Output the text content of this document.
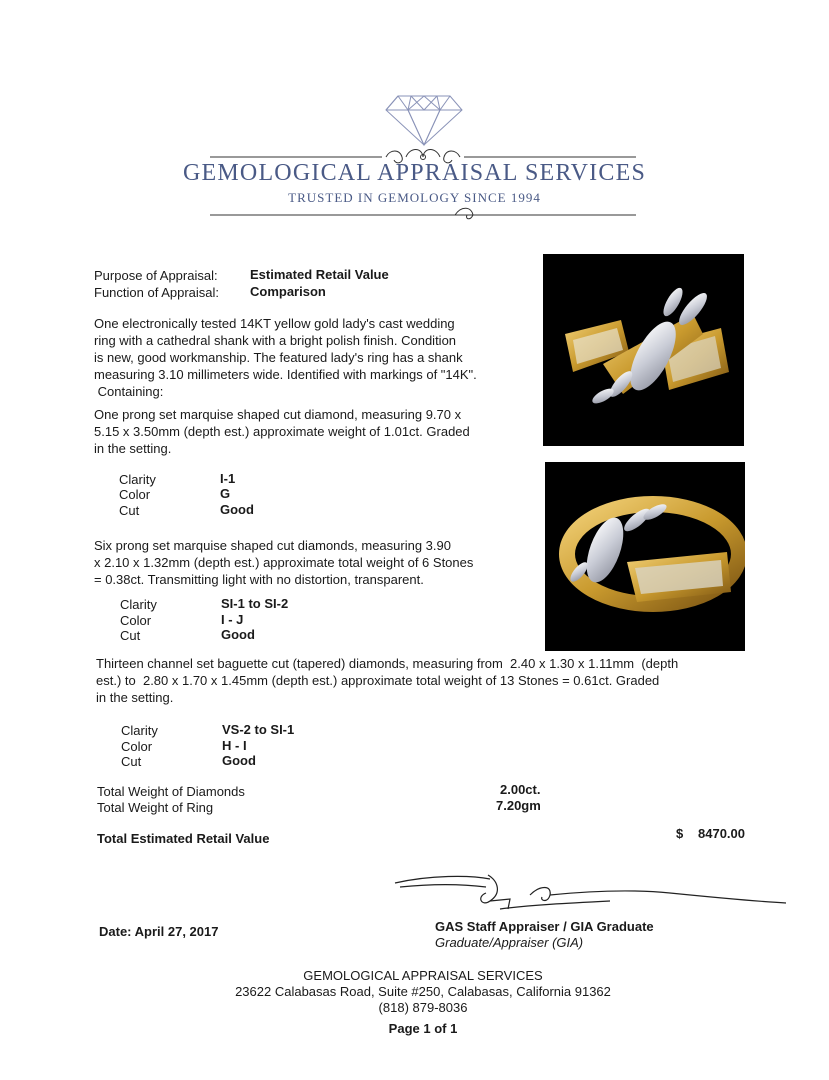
GEMOLOGICAL APPRAISAL SERVICES
TRUSTED IN GEMOLOGY SINCE 1994
Purpose of Appraisal: Estimated Retail Value
Function of Appraisal: Comparison
One electronically tested 14KT yellow gold lady's cast wedding
ring with a cathedral shank with a bright polish finish. Condition
is new, good workmanship. The featured lady's ring has a shank
measuring 3.10 millimeters wide. Identified with markings of "14K".
Containing:
One prong set marquise shaped cut diamond, measuring 9.70 x
5.15 x 3.50mm (depth est.) approximate weight of 1.01ct. Graded
in the setting.
Clarity	I-1
Color	G
Cut	Good
Six prong set marquise shaped cut diamonds, measuring 3.90
x 2.10 x 1.32mm (depth est.) approximate total weight of 6 Stones
= 0.38ct. Transmitting light with no distortion, transparent.
Clarity	SI-1 to SI-2
Color	I - J
Cut	Good
Thirteen channel set baguette cut (tapered) diamonds, measuring from  2.40 x 1.30 x 1.11mm  (depth
est.) to  2.80 x 1.70 x 1.45mm (depth est.) approximate total weight of 13 Stones = 0.61ct. Graded
in the setting.
Clarity	VS-2 to SI-1
Color	H - I
Cut	Good
Total Weight of Diamonds	2.00ct.
Total Weight of Ring	7.20gm
Total Estimated Retail Value	$ 8470.00
Date: April 27, 2017	GAS Staff Appraiser / GIA Graduate
Graduate/Appraiser (GIA)
GEMOLOGICAL APPRAISAL SERVICES
23622 Calabasas Road, Suite #250, Calabasas, California 91362
(818) 879-8036
Page 1 of 1
